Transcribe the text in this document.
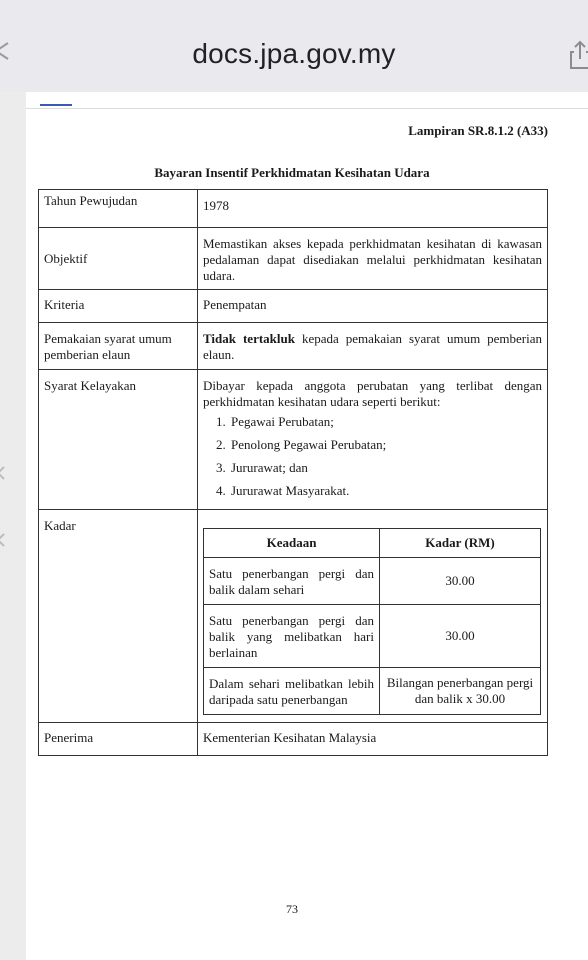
docs.jpa.gov.my
Lampiran SR.8.1.2 (A33)
Bayaran Insentif Perkhidmatan Kesihatan Udara
Tahun Pewujudan	1978
Objektif	Memastikan akses kepada perkhidmatan kesihatan di kawasan pedalaman dapat disediakan melalui perkhidmatan kesihatan udara.
Kriteria	Penempatan
Pemakaian syarat umum pemberian elaun	Tidak tertakluk kepada pemakaian syarat umum pemberian elaun.
Syarat Kelayakan	Dibayar kepada anggota perubatan yang terlibat dengan perkhidmatan kesihatan udara seperti berikut:
1. Pegawai Perubatan;
2. Penolong Pegawai Perubatan;
3. Jururawat; dan
4. Jururawat Masyarakat.

Kadar	
Keadaan	Kadar (RM)
Satu penerbangan pergi dan balik dalam sehari	30.00
Satu penerbangan pergi dan balik yang melibatkan hari berlainan	30.00
Dalam sehari melibatkan lebih daripada satu penerbangan	Bilangan penerbangan pergi dan balik x 30.00

Penerima	Kementerian Kesihatan Malaysia
73
